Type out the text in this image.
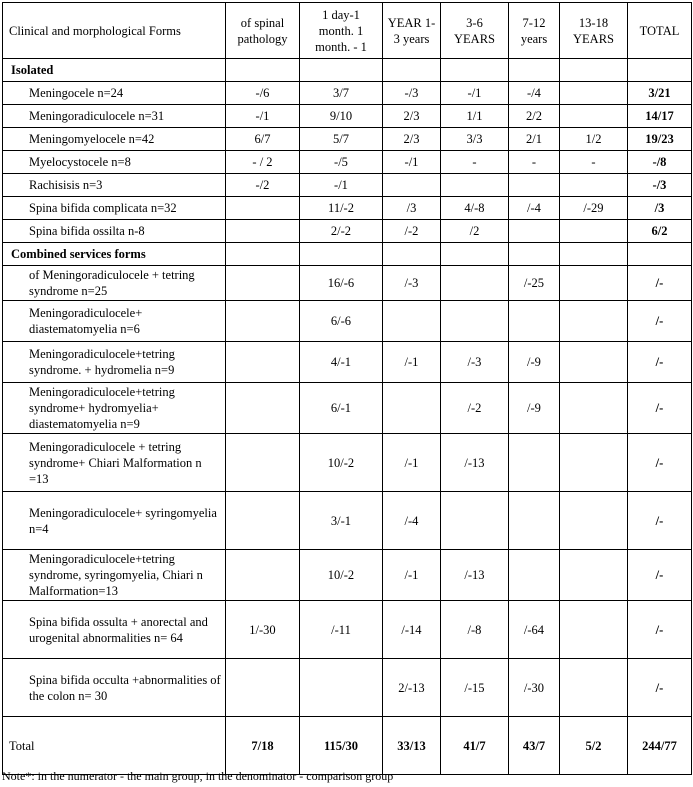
Clinical and morphological Forms	of spinal pathology	1 day-1 month. 1 month. - 1	YEAR 1-3 years	3-6 YEARS	7-12 years	13-18 YEARS	TOTAL
Isolated							
Meningocele n=24	-/6	3/7	-/3	-/1	-/4		3/21
Meningoradiculocele n=31	-/1	9/10	2/3	1/1	2/2		14/17
Meningomyelocele n=42	6/7	5/7	2/3	3/3	2/1	1/2	19/23
Myelocystocele n=8	- / 2	-/5	-/1	-	-	-	-/8
Rachisisis n=3	-/2	-/1					-/3
Spina bifida complicata n=32		11/-2	/3	4/-8	/-4	/-29	/3
Spina bifida ossilta n-8		2/-2	/-2	/2			6/2
Combined services forms							
of Meningoradiculocele + tetring syndrome n=25		16/-6	/-3		/-25		/-
Meningoradiculocele+ diastematomyelia n=6		6/-6					/-
Meningoradiculocele+tetring syndrome. + hydromelia n=9		4/-1	/-1	/-3	/-9		/-
Meningoradiculocele+tetring syndrome+ hydromyelia+ diastematomyelia n=9		6/-1		/-2	/-9		/-
Meningoradiculocele + tetring syndrome+ Chiari Malformation n =13		10/-2	/-1	/-13			/-
Meningoradiculocele+ syringomyelia n=4		3/-1	/-4				/-
Meningoradiculocele+tetring syndrome, syringomyelia, Chiari n Malformation=13		10/-2	/-1	/-13			/-
Spina bifida ossulta + anorectal and urogenital abnormalities n= 64	1/-30	/-11	/-14	/-8	/-64		/-
Spina bifida occulta +abnormalities of the colon n= 30			2/-13	/-15	/-30		/-
Total	7/18	115/30	33/13	41/7	43/7	5/2	244/77
Note*: in the numerator - the main group, in the denominator - comparison group
